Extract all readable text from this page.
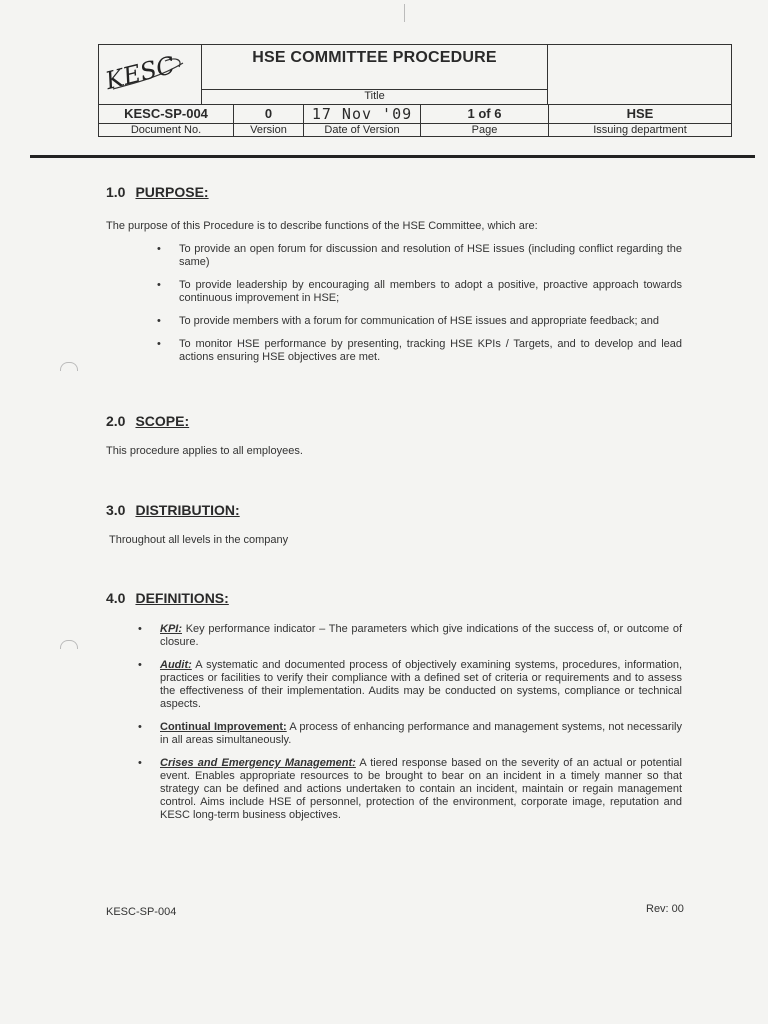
KESC	HSE COMMITTEE PROCEDURE
Title
KESC-SP-004	0	17 Nov '09	1 of 6	HSE
Document No.	Version	Date of Version	Page	Issuing department
1.0 PURPOSE:
The purpose of this Procedure is to describe functions of the HSE Committee, which are:
• To provide an open forum for discussion and resolution of HSE issues (including conflict regarding the same)
• To provide leadership by encouraging all members to adopt a positive, proactive approach towards continuous improvement in HSE;
• To provide members with a forum for communication of HSE issues and appropriate feedback; and
• To monitor HSE performance by presenting, tracking HSE KPIs / Targets, and to develop and lead actions ensuring HSE objectives are met.
2.0 SCOPE:
This procedure applies to all employees.
3.0 DISTRIBUTION:
Throughout all levels in the company
4.0 DEFINITIONS:
• KPI: Key performance indicator – The parameters which give indications of the success of, or outcome of closure.
• Audit: A systematic and documented process of objectively examining systems, procedures, information, practices or facilities to verify their compliance with a defined set of criteria or requirements and to assess the effectiveness of their implementation. Audits may be conducted on systems, compliance or technical aspects.
• Continual Improvement: A process of enhancing performance and management systems, not necessarily in all areas simultaneously.
• Crises and Emergency Management: A tiered response based on the severity of an actual or potential event. Enables appropriate resources to be brought to bear on an incident in a timely manner so that strategy can be defined and actions undertaken to contain an incident, maintain or regain management control. Aims include HSE of personnel, protection of the environment, corporate image, reputation and KESC long-term business objectives.
KESC-SP-004	Rev: 00
